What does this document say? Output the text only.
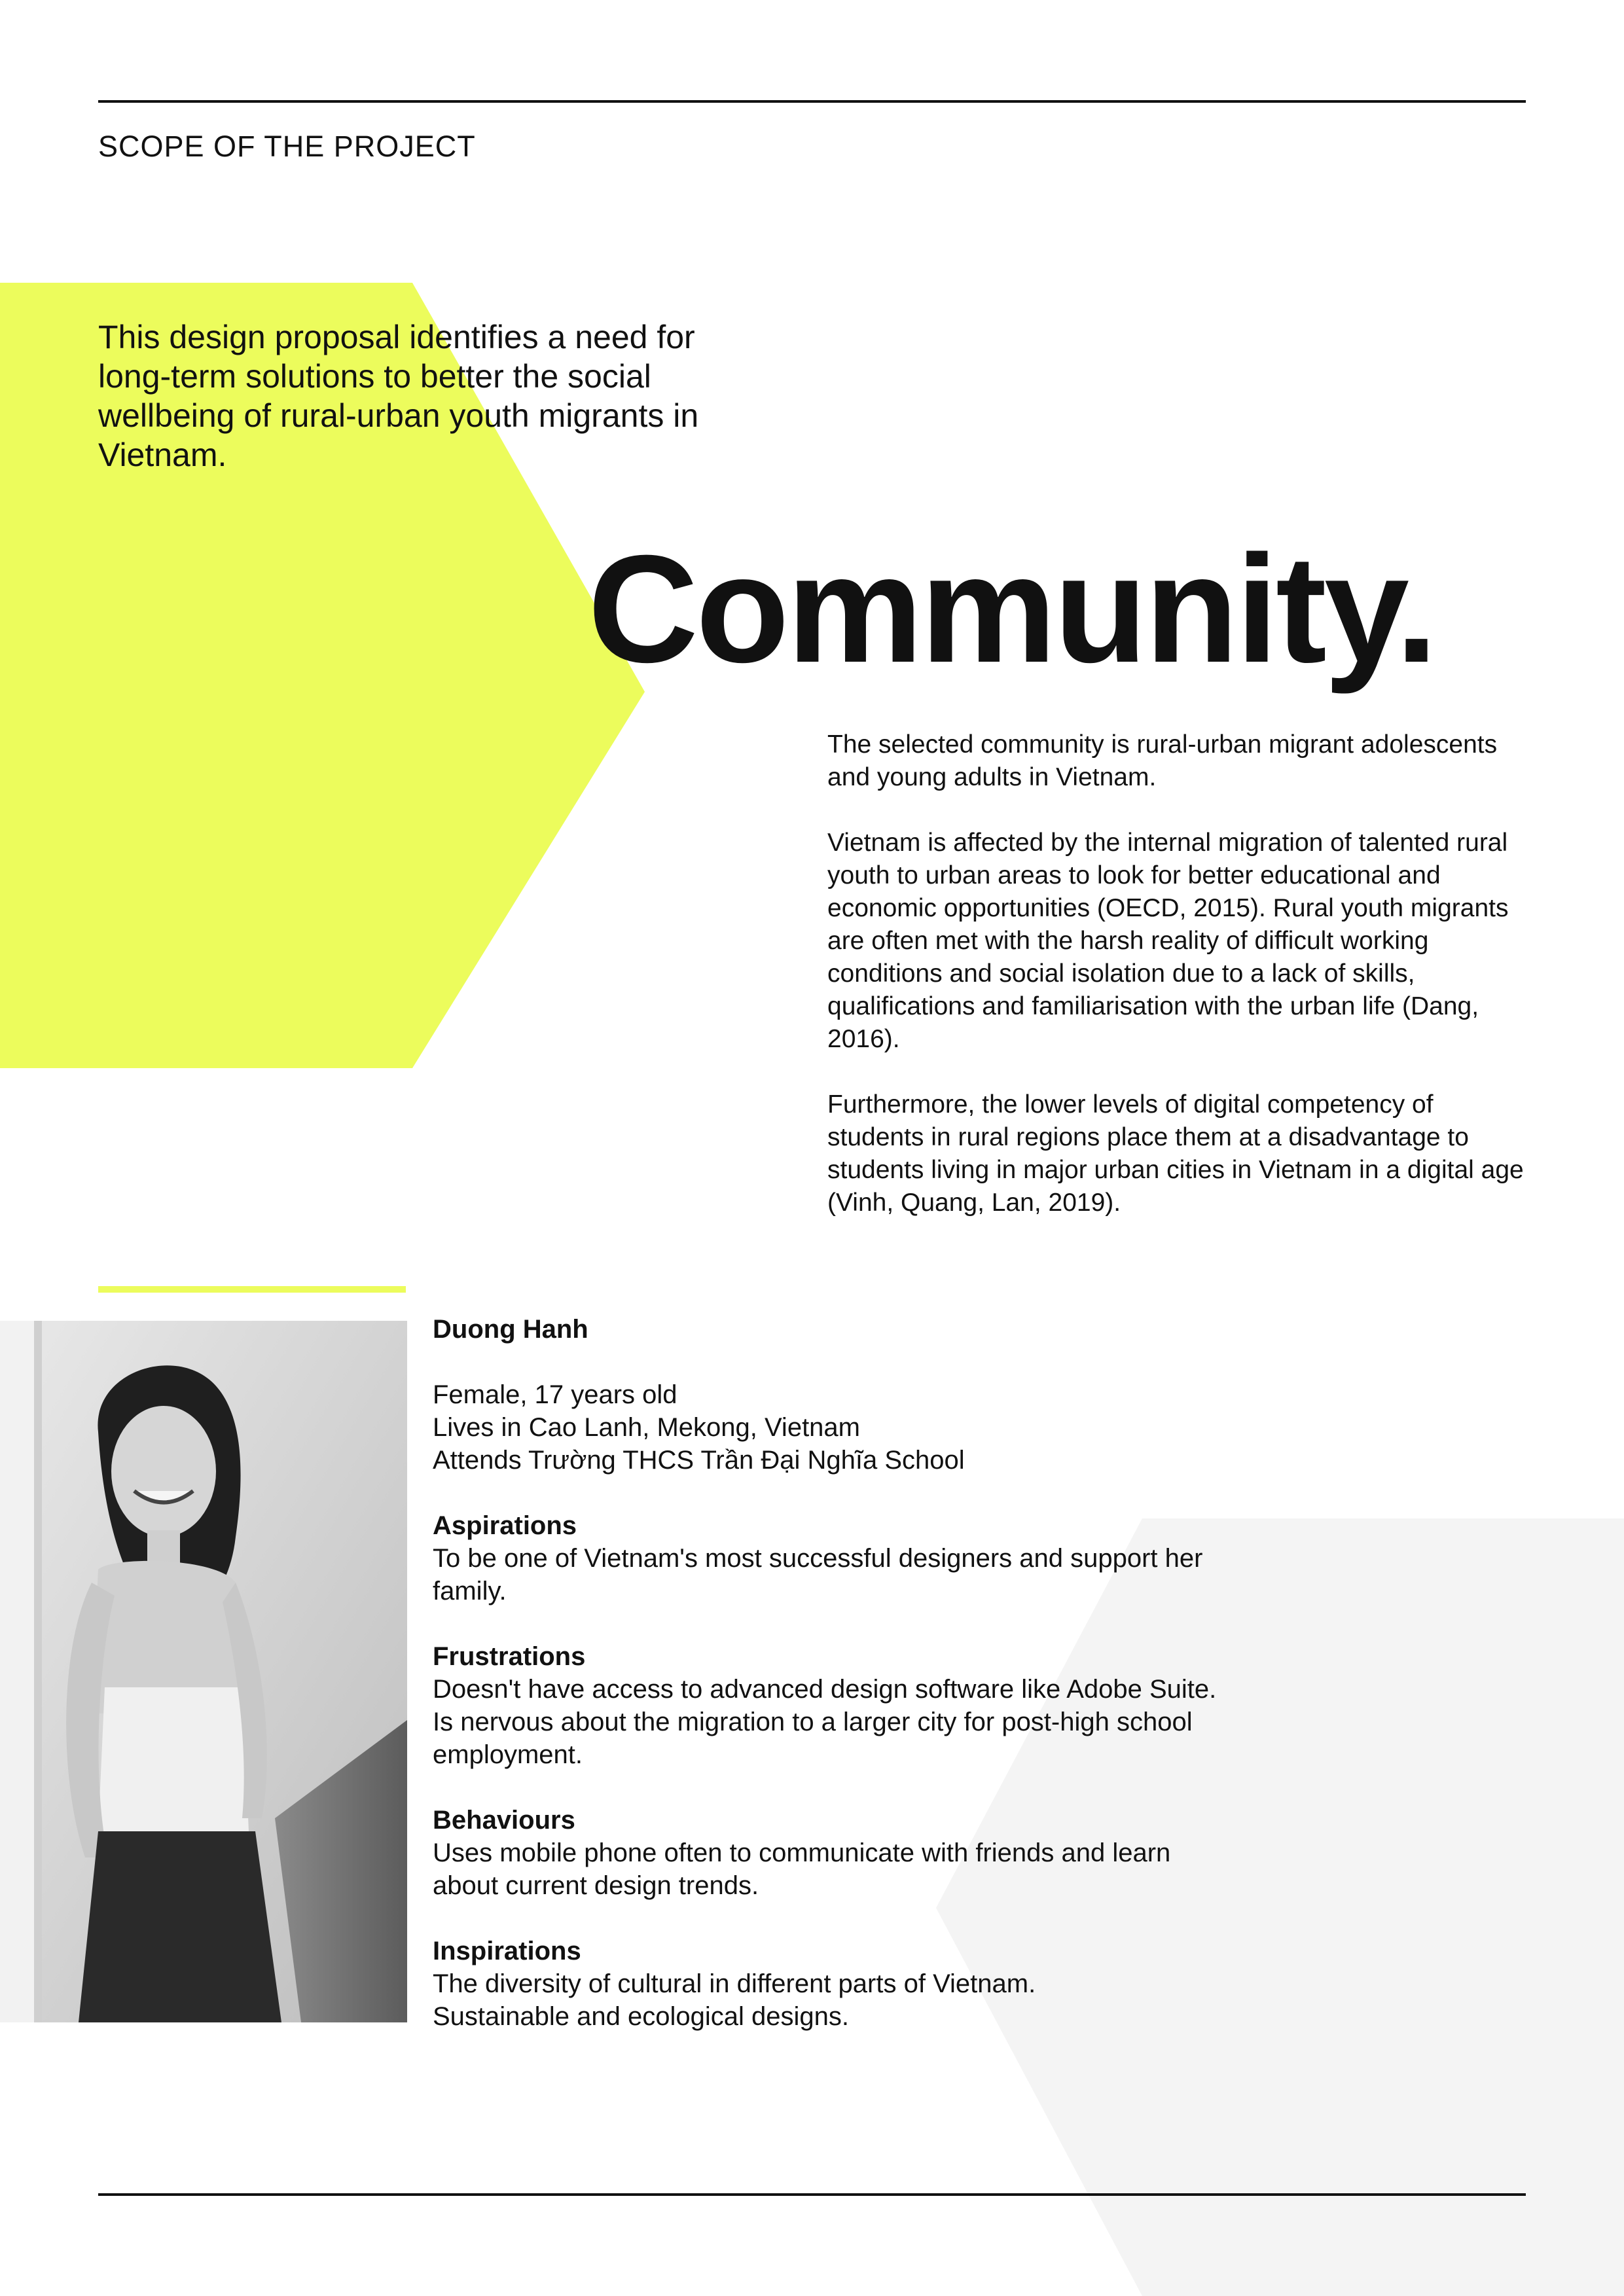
SCOPE OF THE PROJECT
This design proposal identifies a need for long-term solutions to better the social wellbeing of rural-urban youth migrants in Vietnam.
Community.

The selected community is rural-urban migrant adolescents and young adults in Vietnam.

Vietnam is affected by the internal migration of talented rural youth to urban areas to look for better educational and economic opportunities (OECD, 2015). Rural youth migrants are often met with the harsh reality of difficult working conditions and social isolation due to a lack of skills, qualifications and familiarisation with the urban life (Dang, 2016).

Furthermore, the lower levels of digital competency of students in rural regions place them at a disadvantage to students living in major urban cities in Vietnam in a digital age (Vinh, Quang, Lan, 2019).

Duong Hanh
Female, 17 years old
Lives in Cao Lanh, Mekong, Vietnam
Attends Trường THCS Trần Đại Nghĩa School
Aspirations
To be one of Vietnam's most successful designers and support her
family.
Frustrations
Doesn't have access to advanced design software like Adobe Suite.
Is nervous about the migration to a larger city for post-high school
employment.
Behaviours
Uses mobile phone often to communicate with friends and learn
about current design trends.
Inspirations
The diversity of cultural in different parts of Vietnam.
Sustainable and ecological designs.
